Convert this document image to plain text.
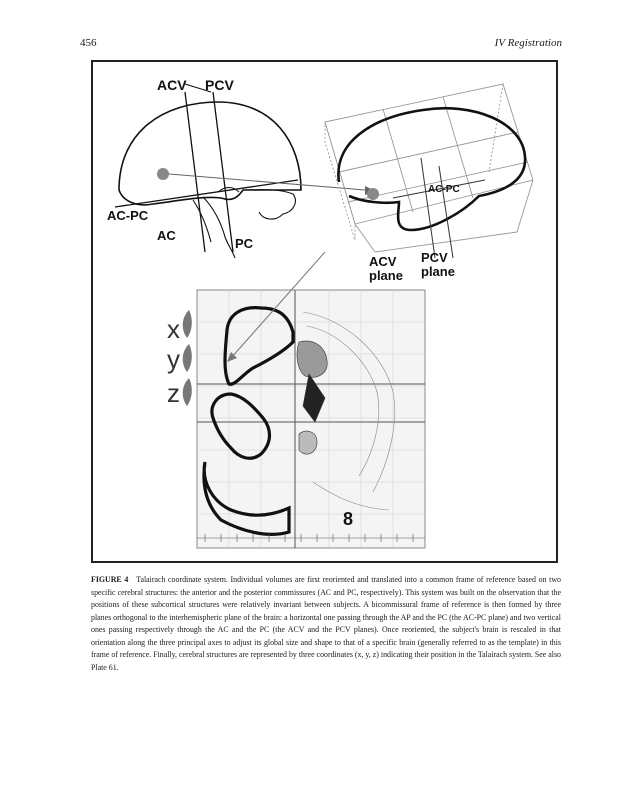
456	IV Registration
ACV PCV
AC-PC
AC
PC
AC-PC
ACV
plane
PCV
plane
8
x
y
z
FIGURE 4 Talairach coordinate system. Individual volumes are first reoriented and translated into a common frame of reference based on two specific cerebral structures: the anterior and the posterior commissures (AC and PC, respectively). This system was built on the observation that the positions of these subcortical structures were relatively invariant between subjects. A bicommissural frame of reference is then formed by three planes orthogonal to the interhemispheric plane of the brain: a horizontal one passing through the AP and the PC (the AC-PC plane) and two vertical ones passing respectively through the AC and the PC (the ACV and the PCV planes). Once reoriented, the subject's brain is rescaled in that orientation along the three principal axes to adjust its global size and shape to that of a specific brain (generally referred to as the template) in this frame of reference. Finally, cerebral structures are represented by three coordinates (x, y, z) indicating their position in the Talairach system. See also Plate 61.
